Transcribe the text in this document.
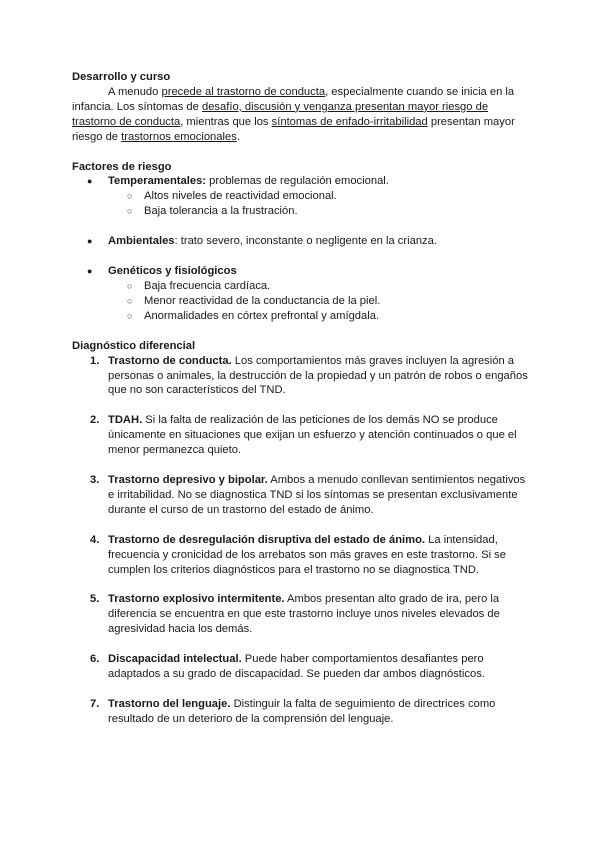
Desarrollo y curso

A menudo precede al trastorno de conducta, especialmente cuando se inicia en la infancia. Los síntomas de desafío, discusión y venganza presentan mayor riesgo de trastorno de conducta, mientras que los síntomas de enfado-irritabilidad presentan mayor riesgo de trastornos emocionales.

Factores de riesgo
● Temperamentales: problemas de regulación emocional.
○ Altos niveles de reactividad emocional.
○ Baja tolerancia a la frustración.
● Ambientales: trato severo, inconstante o negligente en la crianza.
● Genéticos y fisiológicos
○ Baja frecuencia cardíaca.
○ Menor reactividad de la conductancia de la piel.
○ Anormalidades en córtex prefrontal y amígdala.
Diagnóstico diferencial
1. Trastorno de conducta. Los comportamientos más graves incluyen la agresión a personas o animales, la destrucción de la propiedad y un patrón de robos o engaños que no son característicos del TND.
2. TDAH. Si la falta de realización de las peticiones de los demás NO se produce únicamente en situaciones que exijan un esfuerzo y atención continuados o que el menor permanezca quieto.
3. Trastorno depresivo y bipolar. Ambos a menudo conllevan sentimientos negativos e irritabilidad. No se diagnostica TND si los síntomas se presentan exclusivamente durante el curso de un trastorno del estado de ánimo.
4. Trastorno de desregulación disruptiva del estado de ánimo. La intensidad, frecuencia y cronicidad de los arrebatos son más graves en este trastorno. Si se cumplen los criterios diagnósticos para el trastorno no se diagnostica TND.
5. Trastorno explosivo intermitente. Ambos presentan alto grado de ira, pero la diferencia se encuentra en que este trastorno incluye unos niveles elevados de agresividad hacia los demás.
6. Discapacidad intelectual. Puede haber comportamientos desafiantes pero adaptados a su grado de discapacidad. Se pueden dar ambos diagnósticos.
7. Trastorno del lenguaje. Distinguir la falta de seguimiento de directrices como resultado de un deterioro de la comprensión del lenguaje.
